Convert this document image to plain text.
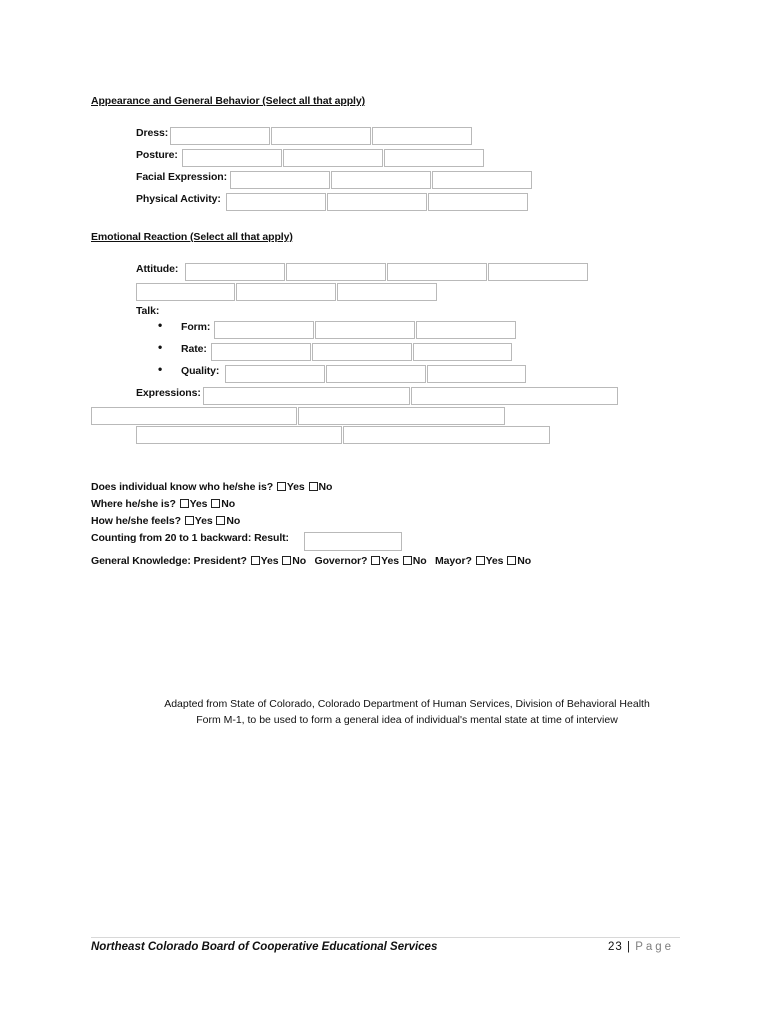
Appearance and General Behavior (Select all that apply)
Dress:
Posture:
Facial Expression:
Physical Activity:
Emotional Reaction (Select all that apply)
Attitude:
Talk:
• Form:
• Rate:
• Quality:
Expressions:
Does individual know who he/she is? Yes No
Where he/she is? Yes No
How he/she feels? Yes No
Counting from 20 to 1 backward: Result:
General Knowledge: President? Yes No Governor? Yes No Mayor? Yes No
Adapted from State of Colorado, Colorado Department of Human Services, Division of Behavioral Health
Form M-1, to be used to form a general idea of individual's mental state at time of interview
Northeast Colorado Board of Cooperative Educational Services	23 | Page
